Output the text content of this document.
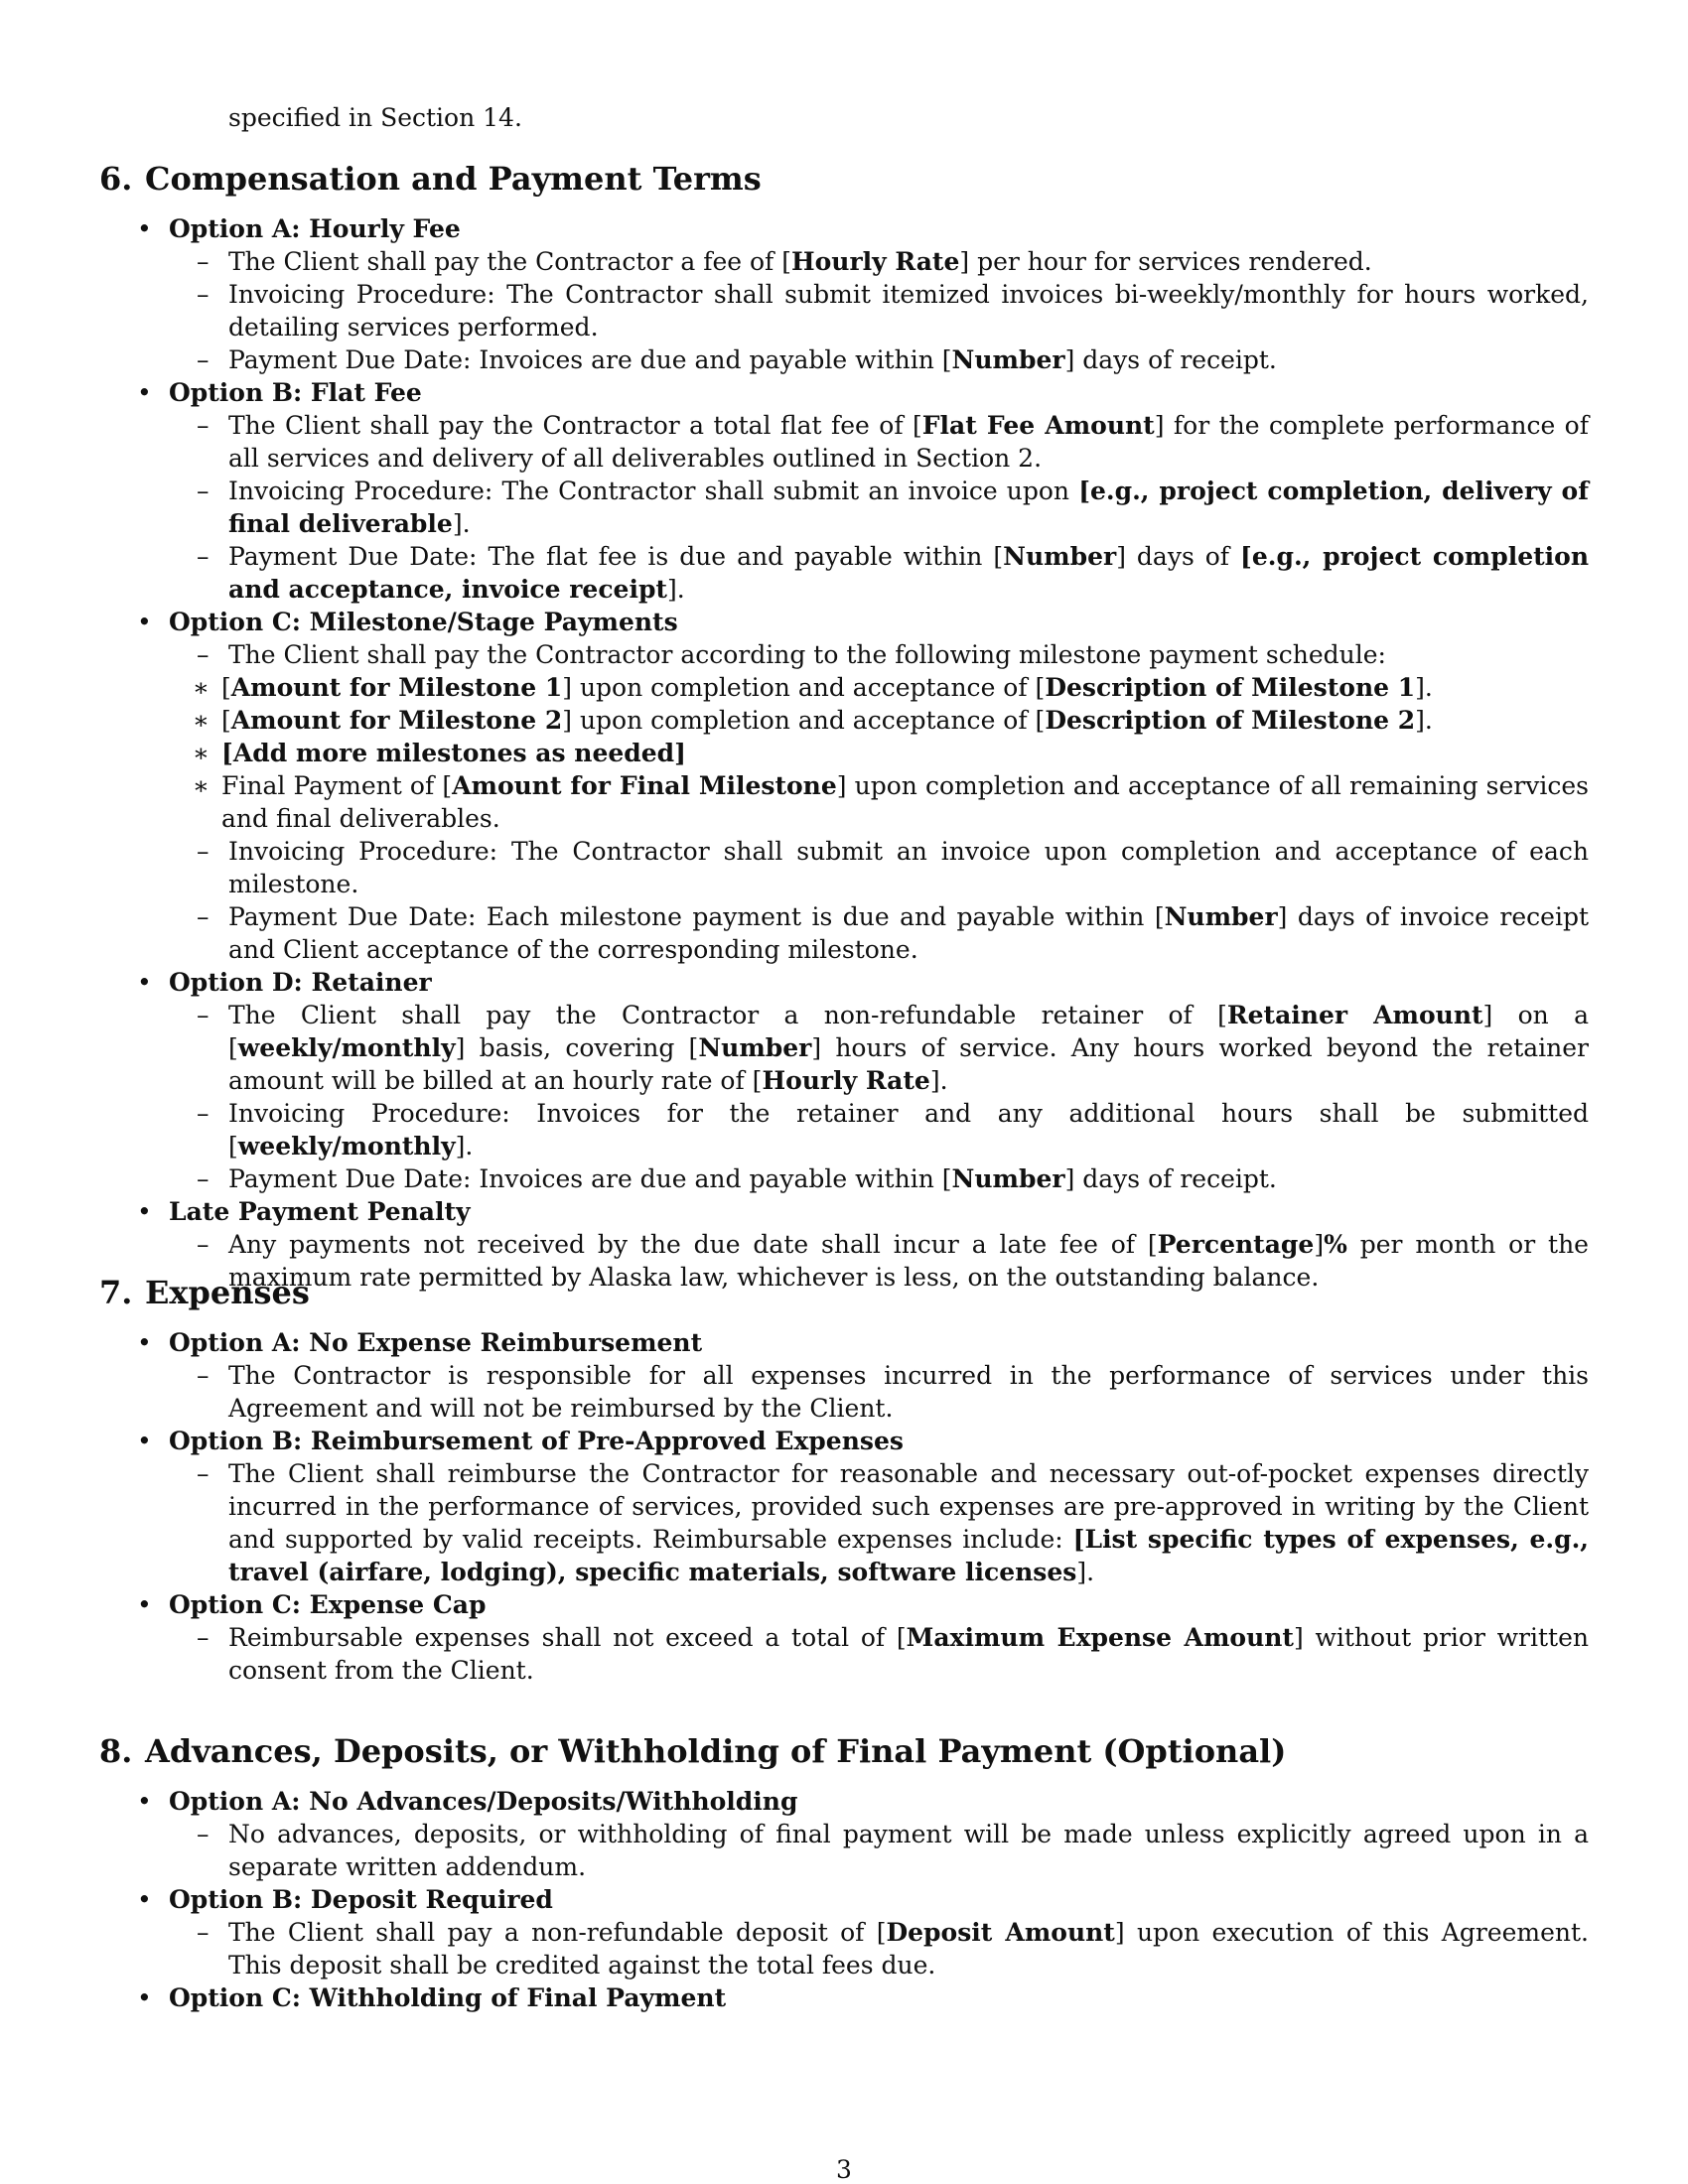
specified in Section 14.
6. Compensation and Payment Terms
• Option A: Hourly Fee
– The Client shall pay the Contractor a fee of [Hourly Rate] per hour for services rendered.
– Invoicing Procedure: The Contractor shall submit itemized invoices bi-weekly/monthly for hours worked, detailing services performed.
– Payment Due Date: Invoices are due and payable within [Number] days of receipt.
• Option B: Flat Fee
– The Client shall pay the Contractor a total flat fee of [Flat Fee Amount] for the complete performance of all services and delivery of all deliverables outlined in Section 2.
– Invoicing Procedure: The Contractor shall submit an invoice upon [e.g., project completion, delivery of final deliverable].
– Payment Due Date: The flat fee is due and payable within [Number] days of [e.g., project completion and acceptance, invoice receipt].
• Option C: Milestone/Stage Payments
– The Client shall pay the Contractor according to the following milestone payment schedule:
∗ [Amount for Milestone 1] upon completion and acceptance of [Description of Milestone 1].
∗ [Amount for Milestone 2] upon completion and acceptance of [Description of Milestone 2].
∗ [Add more milestones as needed]
∗ Final Payment of [Amount for Final Milestone] upon completion and acceptance of all remaining services and final deliverables.
– Invoicing Procedure: The Contractor shall submit an invoice upon completion and acceptance of each milestone.
– Payment Due Date: Each milestone payment is due and payable within [Number] days of invoice receipt and Client acceptance of the corresponding milestone.
• Option D: Retainer
– The Client shall pay the Contractor a non-refundable retainer of [Retainer Amount] on a [weekly/monthly] basis, covering [Number] hours of service. Any hours worked beyond the retainer amount will be billed at an hourly rate of [Hourly Rate].
– Invoicing Procedure: Invoices for the retainer and any additional hours shall be submitted [weekly/monthly].
– Payment Due Date: Invoices are due and payable within [Number] days of receipt.
• Late Payment Penalty
– Any payments not received by the due date shall incur a late fee of [Percentage]% per month or the maximum rate permitted by Alaska law, whichever is less, on the outstanding balance.
7. Expenses
• Option A: No Expense Reimbursement
– The Contractor is responsible for all expenses incurred in the performance of services under this Agreement and will not be reimbursed by the Client.
• Option B: Reimbursement of Pre-Approved Expenses
– The Client shall reimburse the Contractor for reasonable and necessary out-of-pocket expenses directly incurred in the performance of services, provided such expenses are pre-approved in writing by the Client and supported by valid receipts. Reimbursable expenses include: [List specific types of expenses, e.g., travel (airfare, lodging), specific materials, software licenses].
• Option C: Expense Cap
– Reimbursable expenses shall not exceed a total of [Maximum Expense Amount] without prior written consent from the Client.
8. Advances, Deposits, or Withholding of Final Payment (Optional)
• Option A: No Advances/Deposits/Withholding
– No advances, deposits, or withholding of final payment will be made unless explicitly agreed upon in a separate written addendum.
• Option B: Deposit Required
– The Client shall pay a non-refundable deposit of [Deposit Amount] upon execution of this Agreement. This deposit shall be credited against the total fees due.
• Option C: Withholding of Final Payment
3
